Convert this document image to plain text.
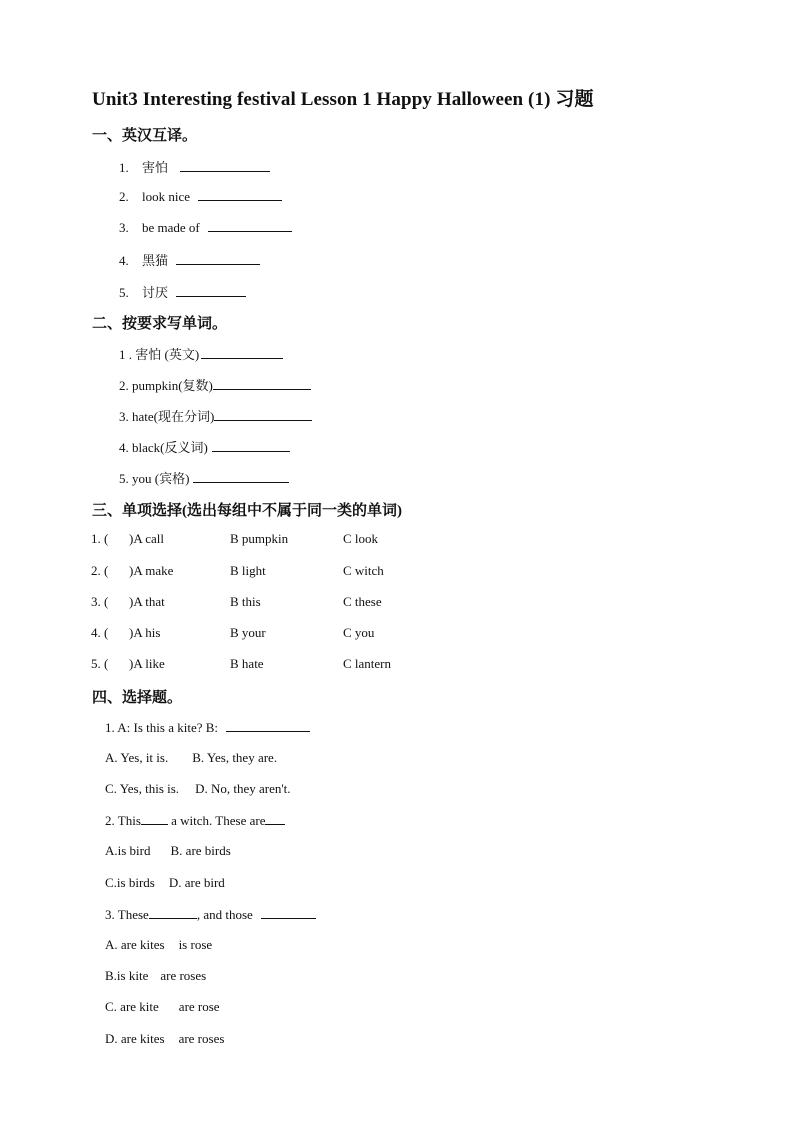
Unit3 Interesting festival Lesson 1 Happy Halloween (1) 习题
一、英汉互译。
1. 害怕
2. look nice
3. be made of
4. 黑猫
5. 讨厌
二、按要求写单词。
1 . 害怕 (英文)
2. pumpkin(复数)
3. hate(现在分词)
4. black(反义词)
5. you (宾格)
三、单项选择(选出每组中不属于同一类的单词)
1. ( )A call	B pumpkin	C look
2. ( )A make	B light	C witch
3. ( )A that	B this	C these
4. ( )A his	B your	C you
5. ( )A like	B hate	C lantern
四、选择题。
1. A: Is this a kite? B:
A. Yes, it is. B. Yes, they are.
C. Yes, this is. D. No, they aren't.
2. This a witch. These are
A.is bird B. are birds
C.is birds D. are bird
3. These	, and those
A. are kites is rose
B.is kite are roses
C. are kite are rose
D. are kites are roses
